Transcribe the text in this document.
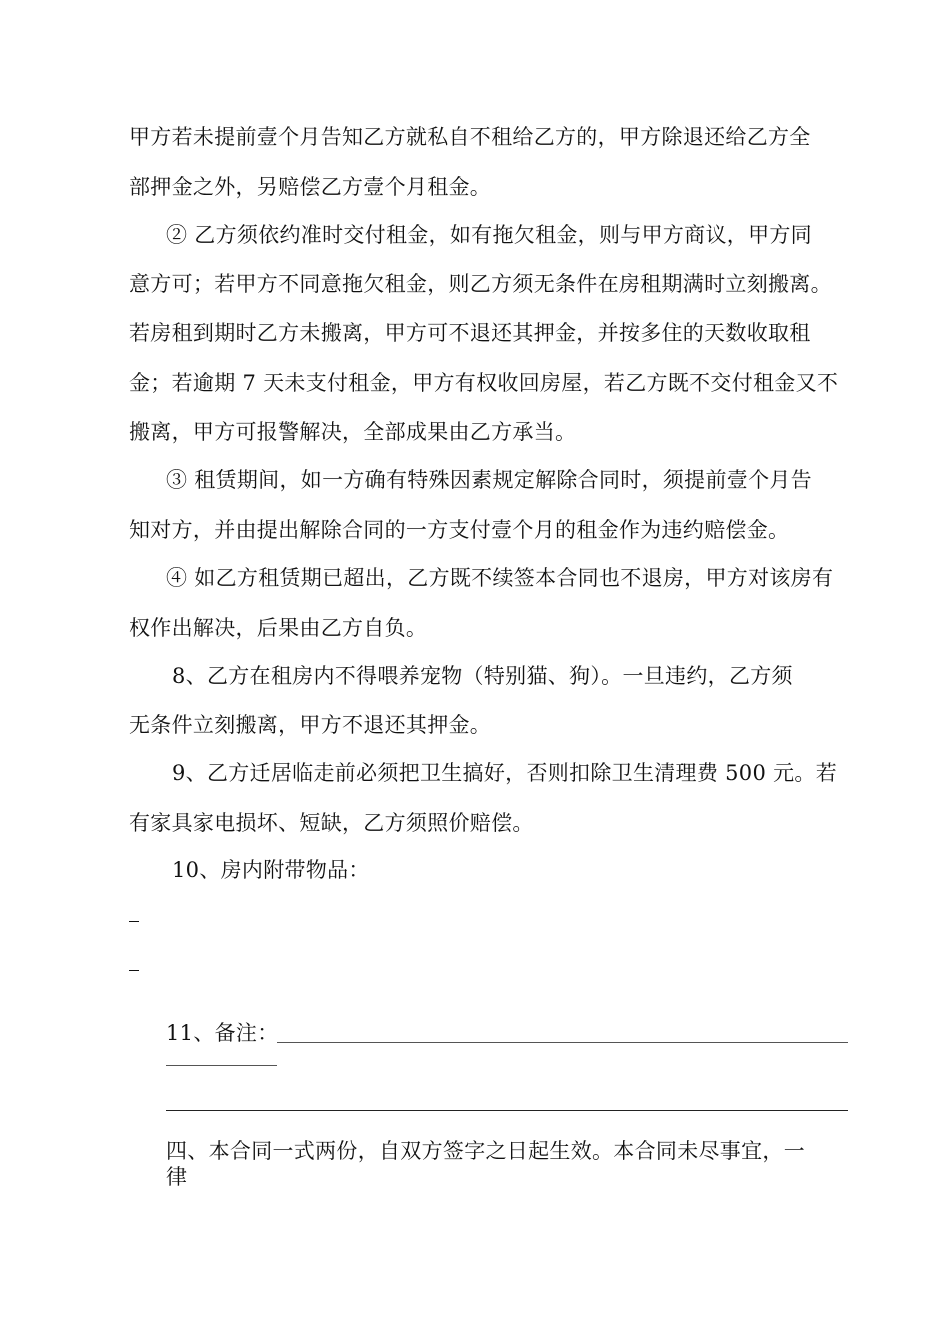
甲方若未提前壹个月告知乙方就私自不租给乙方的，甲方除退还给乙方全
部押金之外，另赔偿乙方壹个月租金。
② 乙方须依约准时交付租金，如有拖欠租金，则与甲方商议，甲方同
意方可；若甲方不同意拖欠租金，则乙方须无条件在房租期满时立刻搬离。
若房租到期时乙方未搬离，甲方可不退还其押金，并按多住的天数收取租
金；若逾期 7 天未支付租金，甲方有权收回房屋，若乙方既不交付租金又不
搬离，甲方可报警解决，全部成果由乙方承当。
③ 租赁期间，如一方确有特殊因素规定解除合同时，须提前壹个月告
知对方，并由提出解除合同的一方支付壹个月的租金作为违约赔偿金。
④ 如乙方租赁期已超出，乙方既不续签本合同也不退房，甲方对该房有
权作出解决，后果由乙方自负。
8、乙方在租房内不得喂养宠物（特别猫、狗）。一旦违约，乙方须
无条件立刻搬离，甲方不退还其押金。
9、乙方迁居临走前必须把卫生搞好，否则扣除卫生清理费 500 元。若
有家具家电损坏、短缺，乙方须照价赔偿。
10、房内附带物品：
11、备注：
四、本合同一式两份，自双方签字之日起生效。本合同未尽事宜，一
律
